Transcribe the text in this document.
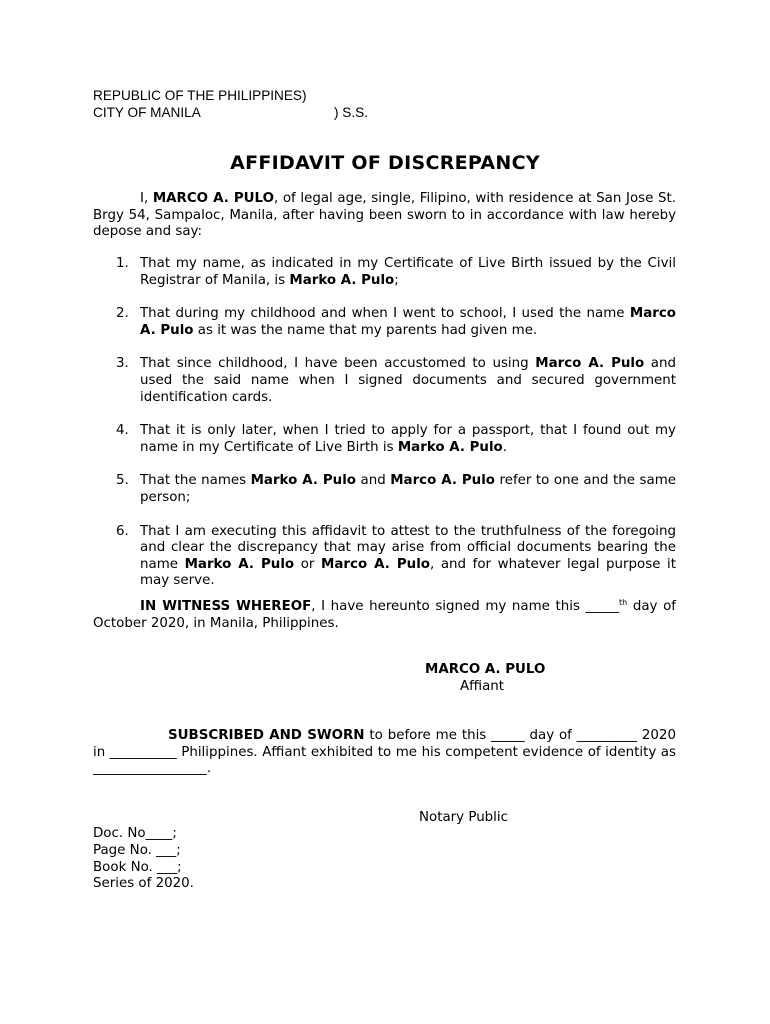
REPUBLIC OF THE PHILIPPINES)
CITY OF MANILA	) S.S.
AFFIDAVIT OF DISCREPANCY
I, MARCO A. PULO, of legal age, single, Filipino, with residence at San Jose St. Brgy 54, Sampaloc, Manila, after having been sworn to in accordance with law hereby depose and say:
1. That my name, as indicated in my Certificate of Live Birth issued by the Civil Registrar of Manila, is Marko A. Pulo;
2. That during my childhood and when I went to school, I used the name Marco A. Pulo as it was the name that my parents had given me.
3. That since childhood, I have been accustomed to using Marco A. Pulo and used the said name when I signed documents and secured government identification cards.
4. That it is only later, when I tried to apply for a passport, that I found out my name in my Certificate of Live Birth is Marko A. Pulo.
5. That the names Marko A. Pulo and Marco A. Pulo refer to one and the same person;
6. That I am executing this affidavit to attest to the truthfulness of the foregoing and clear the discrepancy that may arise from official documents bearing the name Marko A. Pulo or Marco A. Pulo, and for whatever legal purpose it may serve.
IN WITNESS WHEREOF, I have hereunto signed my name this _____$^{th}$ day of October 2020, in Manila, Philippines.
MARCO A. PULO
Affiant
SUBSCRIBED AND SWORN to before me this _____ day of _________ 2020 in __________ Philippines. Affiant exhibited to me his competent evidence of identity as _________________.
Notary Public
Doc. No____;
Page No. ___;
Book No. ___;
Series of 2020.
